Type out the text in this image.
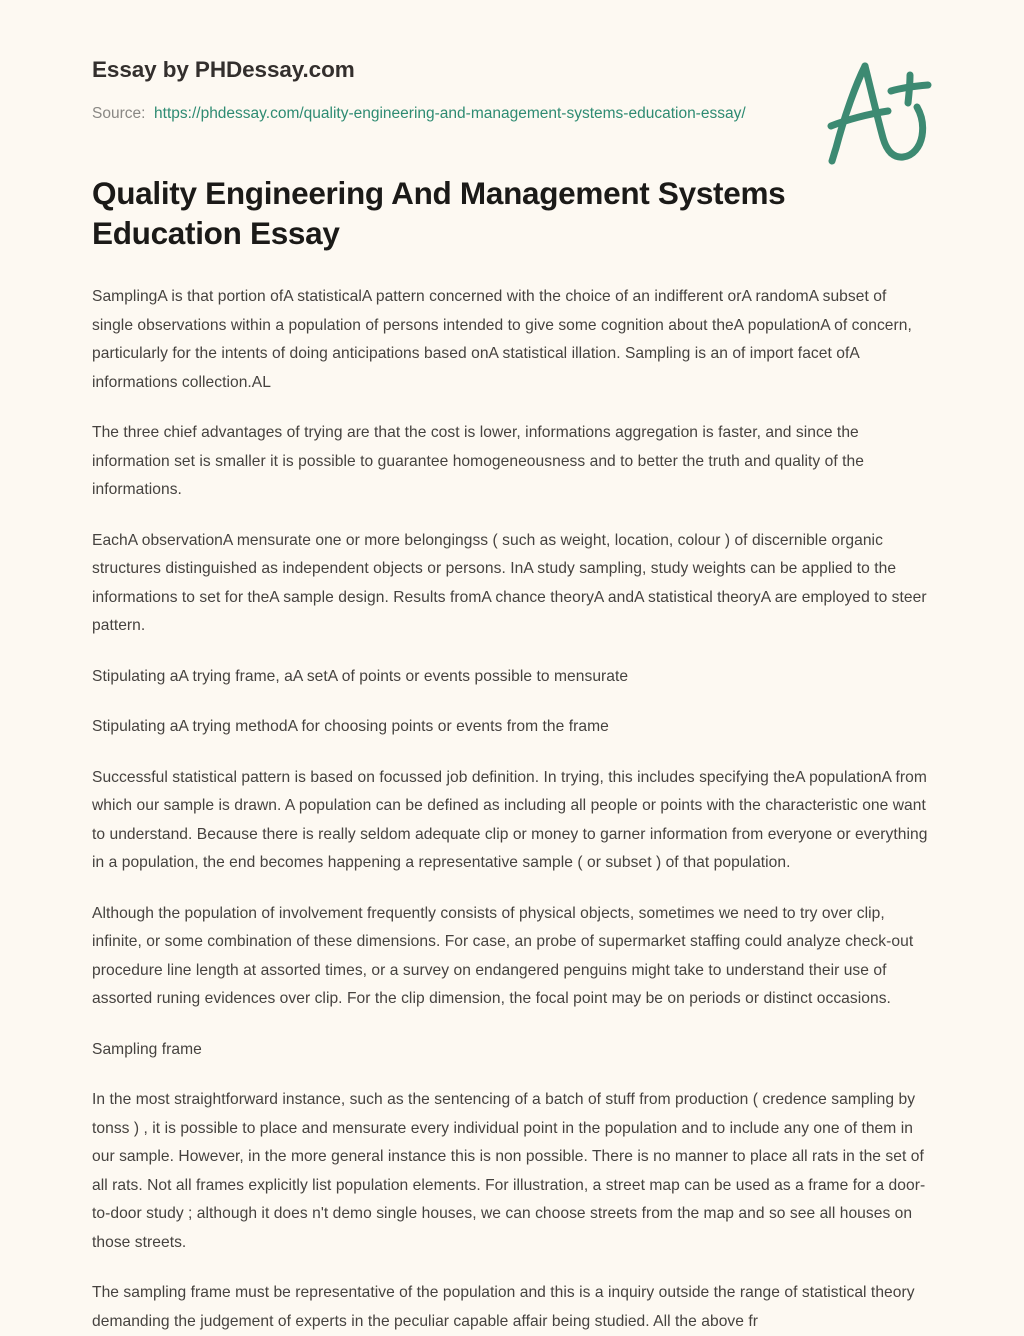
Essay by PHDessay.com
Source: https://phdessay.com/quality-engineering-and-management-systems-education-essay/
Quality Engineering And Management Systems Education Essay

SamplingA is that portion ofA statisticalA pattern concerned with the choice of an indifferent orA randomA subset of single observations within a population of persons intended to give some cognition about theA populationA of concern, particularly for the intents of doing anticipations based onA statistical illation. Sampling is an of import facet ofA informations collection.AL

The three chief advantages of trying are that the cost is lower, informations aggregation is faster, and since the information set is smaller it is possible to guarantee homogeneousness and to better the truth and quality of the informations.

EachA observationA mensurate one or more belongingss ( such as weight, location, colour ) of discernible organic structures distinguished as independent objects or persons. InA study sampling, study weights can be applied to the informations to set for theA sample design. Results fromA chance theoryA andA statistical theoryA are employed to steer pattern.

Stipulating aA trying frame, aA setA of points or events possible to mensurate

Stipulating aA trying methodA for choosing points or events from the frame

Successful statistical pattern is based on focussed job definition. In trying, this includes specifying theA populationA from which our sample is drawn. A population can be defined as including all people or points with the characteristic one want to understand. Because there is really seldom adequate clip or money to garner information from everyone or everything in a population, the end becomes happening a representative sample ( or subset ) of that population.

Although the population of involvement frequently consists of physical objects, sometimes we need to try over clip, infinite, or some combination of these dimensions. For case, an probe of supermarket staffing could analyze check-out procedure line length at assorted times, or a survey on endangered penguins might take to understand their use of assorted runing evidences over clip. For the clip dimension, the focal point may be on periods or distinct occasions.

Sampling frame

In the most straightforward instance, such as the sentencing of a batch of stuff from production ( credence sampling by tonss ) , it is possible to place and mensurate every individual point in the population and to include any one of them in our sample. However, in the more general instance this is non possible. There is no manner to place all rats in the set of all rats. Not all frames explicitly list population elements. For illustration, a street map can be used as a frame for a door-to-door study ; although it does n't demo single houses, we can choose streets from the map and so see all houses on those streets.

The sampling frame must be representative of the population and this is a inquiry outside the range of statistical theory demanding the judgement of experts in the peculiar capable affair being studied. All the above fr
